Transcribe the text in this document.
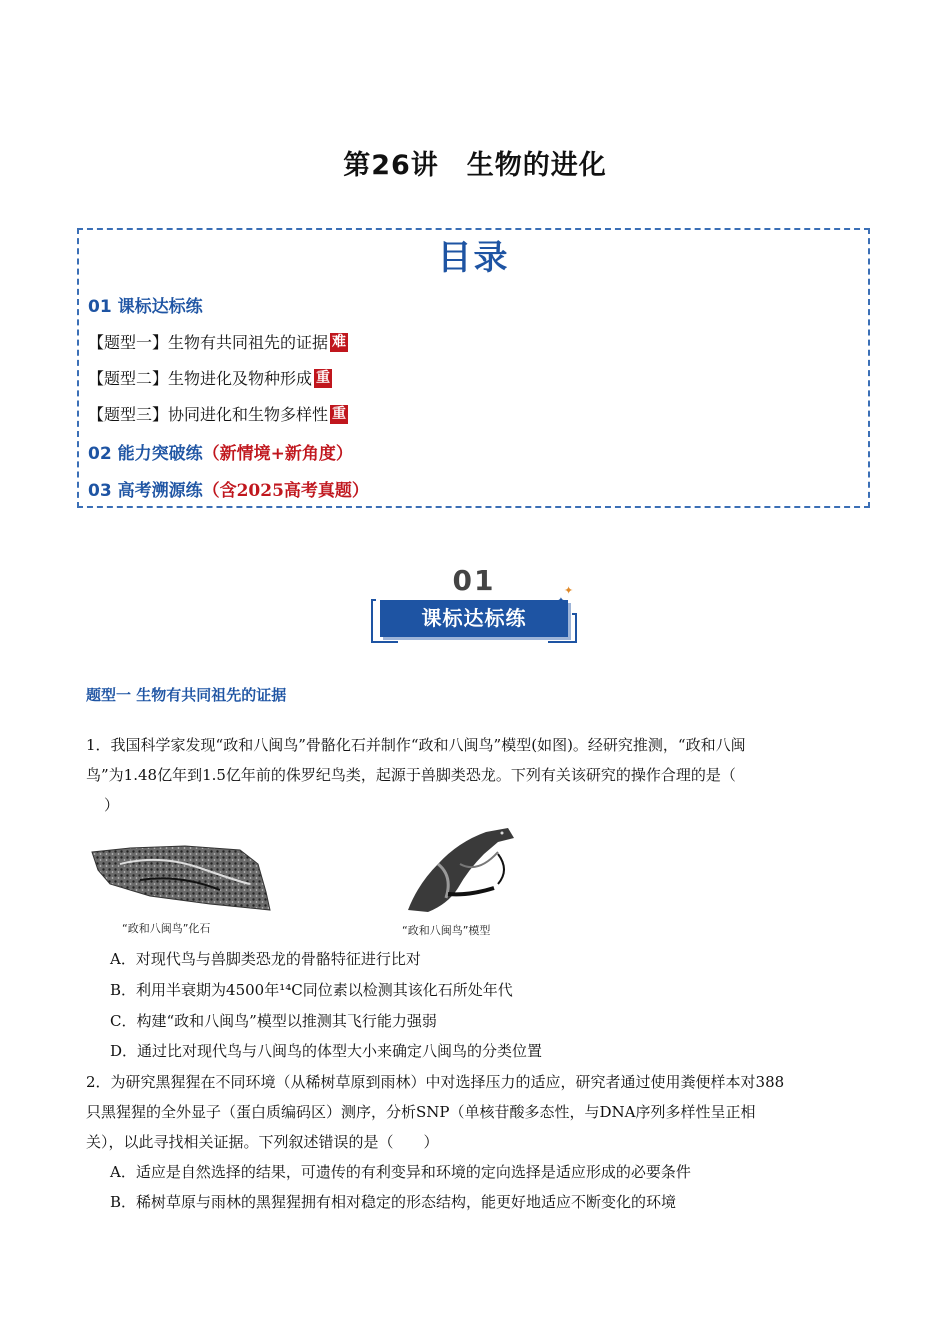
第26讲　生物的进化
目录
01 课标达标练
【题型一】生物有共同祖先的证据 难
【题型二】生物进化及物种形成 重
【题型三】协同进化和生物多样性 重
02 能力突破练（新情境+新角度）
03 高考溯源练（含2025高考真题）
01	✦
课标达标练
题型一 生物有共同祖先的证据
1．我国科学家发现“政和八闽鸟”骨骼化石并制作“政和八闽鸟”模型(如图)。经研究推测，“政和八闽
鸟”为1.48亿年到1.5亿年前的侏罗纪鸟类，起源于兽脚类恐龙。下列有关该研究的操作合理的是（
）
“政和八闽鸟”化石	“政和八闽鸟”模型
A．对现代鸟与兽脚类恐龙的骨骼特征进行比对
B．利用半衰期为4500年¹⁴C同位素以检测其该化石所处年代
C．构建“政和八闽鸟”模型以推测其飞行能力强弱
D．通过比对现代鸟与八闽鸟的体型大小来确定八闽鸟的分类位置
2．为研究黑猩猩在不同环境（从稀树草原到雨林）中对选择压力的适应，研究者通过使用粪便样本对388
只黑猩猩的全外显子（蛋白质编码区）测序，分析SNP（单核苷酸多态性，与DNA序列多样性呈正相
关），以此寻找相关证据。下列叙述错误的是（　　）
A．适应是自然选择的结果，可遗传的有利变异和环境的定向选择是适应形成的必要条件
B．稀树草原与雨林的黑猩猩拥有相对稳定的形态结构，能更好地适应不断变化的环境
